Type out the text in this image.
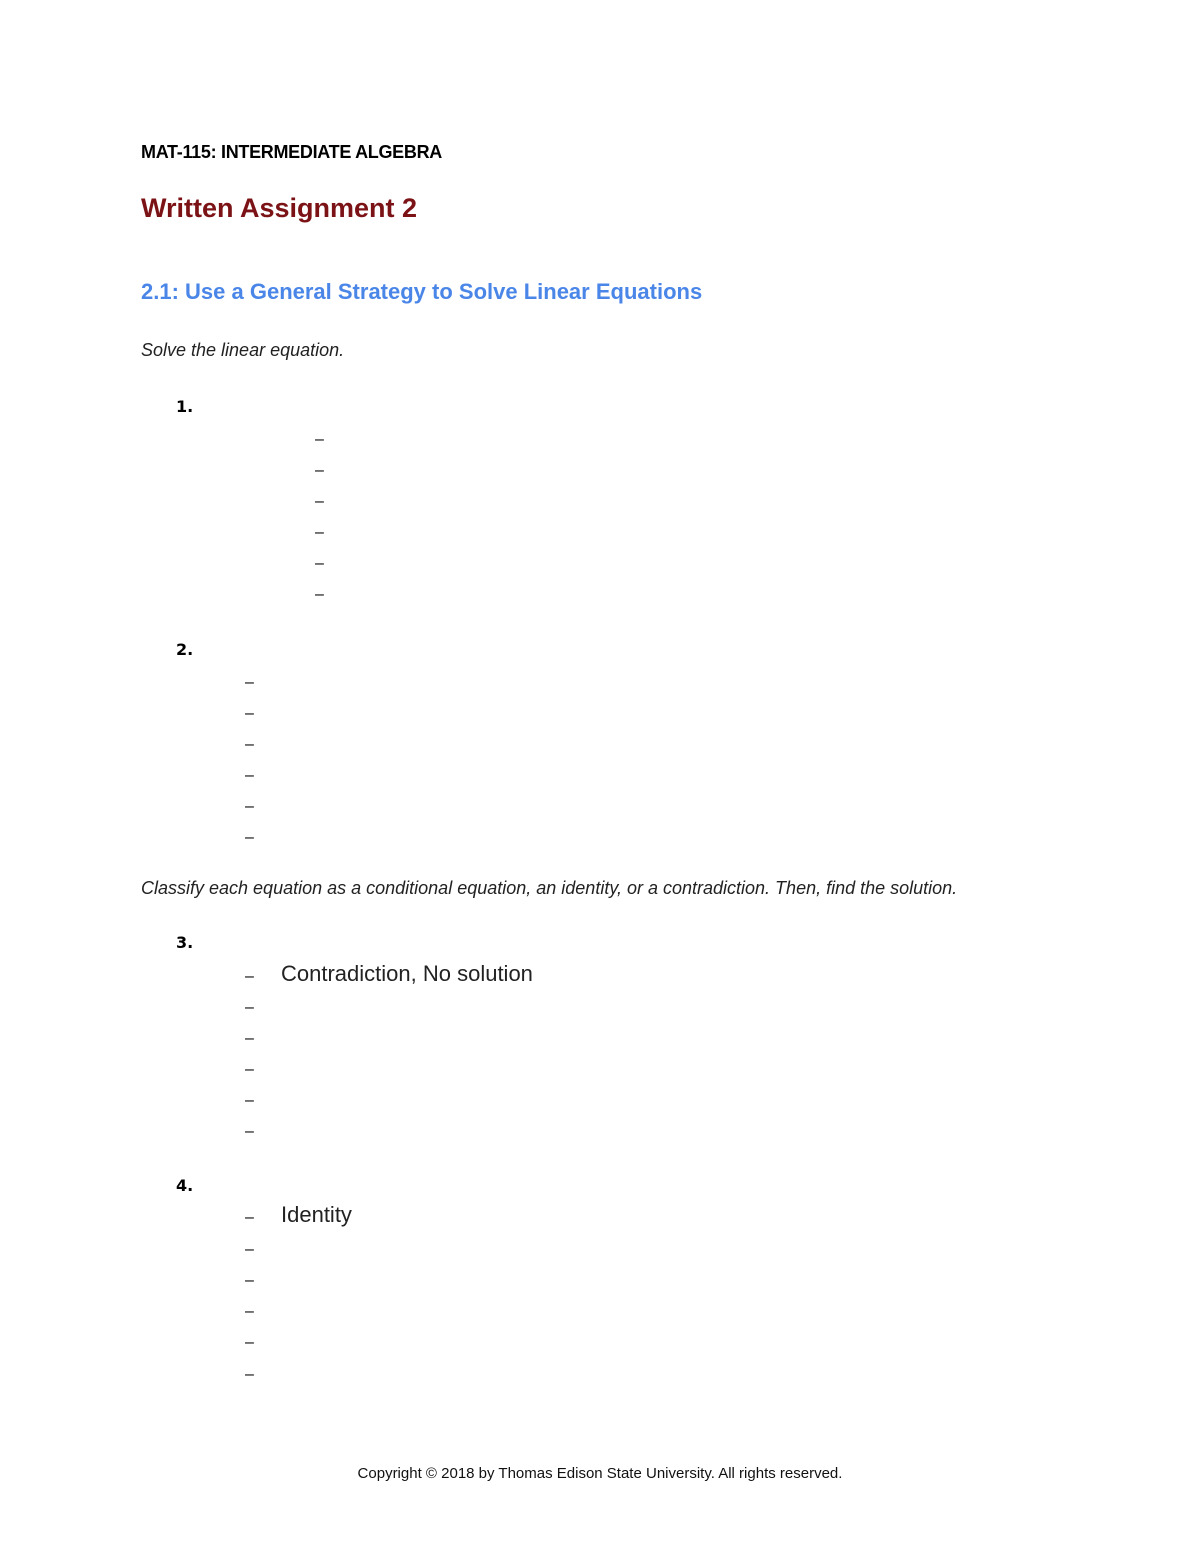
MAT-115: INTERMEDIATE ALGEBRA
Written Assignment 2
2.1: Use a General Strategy to Solve Linear Equations
Solve the linear equation.
1.
–
–
–
–
–
–
2.
–
–
–
–
–
–
Classify each equation as a conditional equation, an identity, or a contradiction. Then, find the solution.
3.
– Contradiction, No solution
–
–
–
–
–
4.
– Identity
–
–
–
–
–
Copyright © 2018 by Thomas Edison State University. All rights reserved.
